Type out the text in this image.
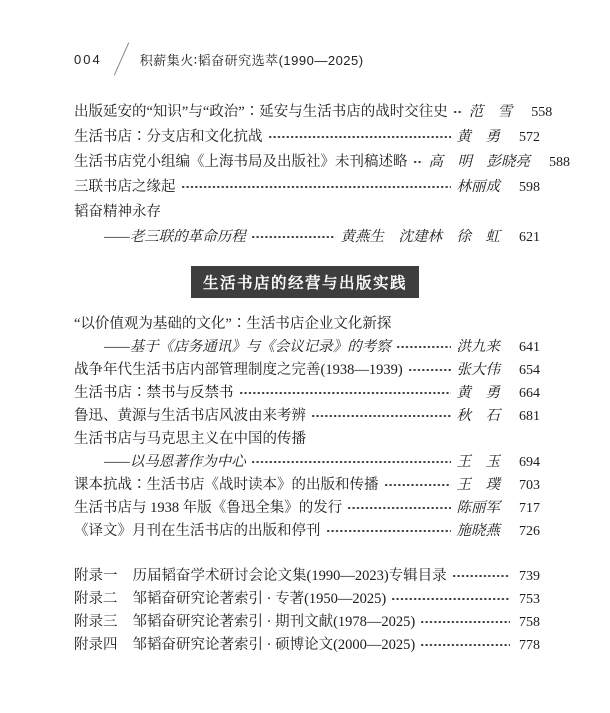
004	积薪集火∶韬奋研究选萃(1990—2025)
出版延安的“知识”与“政治”∶延安与生活书店的战时交往史 范　雪	558
生活书店∶分支店和文化抗战	黄　勇	572
生活书店党小组编《上海书局及出版社》未刊稿述略 高　明　彭晓亮	588
三联书店之缘起	林丽成	598
韬奋精神永存
——老三联的革命历程	黄燕生　沈建林　徐　虹	621
生活书店的经营与出版实践
“以价值观为基础的文化”∶生活书店企业文化新探
——基于《店务通讯》与《会议记录》的考察	洪九来	641
战争年代生活书店内部管理制度之完善(1938—1939)	张大伟	654
生活书店∶禁书与反禁书	黄　勇	664
鲁迅、黄源与生活书店风波由来考辨	秋　石	681
生活书店与马克思主义在中国的传播
——以马恩著作为中心	王　玉	694
课本抗战∶生活书店《战时读本》的出版和传播	王　璞	703
生活书店与 1938 年版《鲁迅全集》的发行	陈丽军	717
《译文》月刊在生活书店的出版和停刊	施晓燕	726
附录一 历届韬奋学术研讨会论文集(1990—2023)专辑目录	739
附录二 邹韬奋研究论著索引 · 专著(1950—2025)	753
附录三 邹韬奋研究论著索引 · 期刊文献(1978—2025)	758
附录四 邹韬奋研究论著索引 · 硕博论文(2000—2025)	778
